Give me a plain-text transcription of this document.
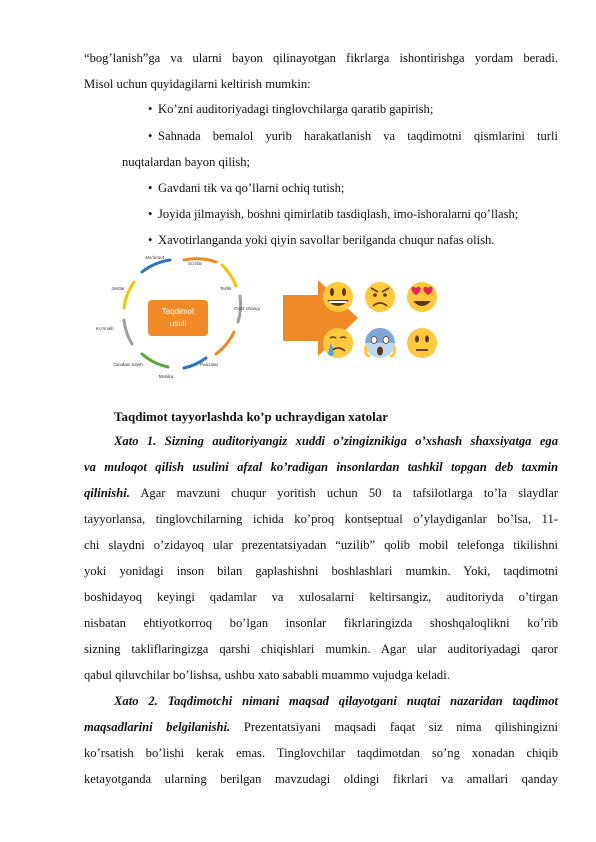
“bog’lanish”ga va ularni bayon qilinayotgan fikrlarga ishontirishga yordam beradi.
Misol uchun quyidagilarni keltirish mumkin:
• Ko’zni auditoriyadagi tinglovchilarga qaratib gapirish;
• Sahnada bemalol yurib harakatlanish va taqdimotni qismlarini turli
nuqtalardan bayon qilish;
• Gavdani tik va qo’llarni ochiq tutish;
• Joyida jilmayish, boshni qimirlatib tasdiqlash, imo-ishoralarni qo’llash;
• Xavotirlanganda yoki qiyin savollar berilganda chuqur nafas olish.
Taqdimot
usuli
Ma’lumot
So’zlar
Ovoz ohangi
Pauzalar
Mimika
Gavdani tutish
Ko’rinish
Jestlar	Tezlik
Taqdimot tayyorlashda ko’p uchraydigan xatolar
Xato 1. Sizning auditoriyangiz xuddi o’zingiznikiga o’xshash shaxsiyatga ega
va muloqot qilish usulini afzal ko’radigan insonlardan tashkil topgan deb taxmin
qilinishi. Agar mavzuni chuqur yoritish uchun 50 ta tafsilotlarga to’la slaydlar
tayyorlansa, tinglovchilarning ichida ko’proq kontseptual o’ylaydiganlar bo’lsa, 11-
chi slaydni o’zidayoq ular prezentatsiyadan “uzilib” qolib mobil telefonga tikilishni
yoki yonidagi inson bilan gaplashishni boshlashlari mumkin. Yoki, taqdimotni
boshidayoq keyingi qadamlar va xulosalarni keltirsangiz, auditoriyda o’tirgan
nisbatan ehtiyotkorroq bo’lgan insonlar fikrlaringizda shoshqaloqlikni ko’rib
sizning takliflaringizga qarshi chiqishlari mumkin. Agar ular auditoriyadagi qaror
qabul qiluvchilar bo’lishsa, ushbu xato sababli muammo vujudga keladi.
Xato 2. Taqdimotchi nimani maqsad qilayotgani nuqtai nazaridan taqdimot
maqsadlarini belgilanishi. Prezentatsiyani maqsadi faqat siz nima qilishingizni
ko’rsatish bo’lishi kerak emas. Tinglovchilar taqdimotdan so’ng xonadan chiqib
ketayotganda ularning berilgan mavzudagi oldingi fikrlari va amallari qanday
